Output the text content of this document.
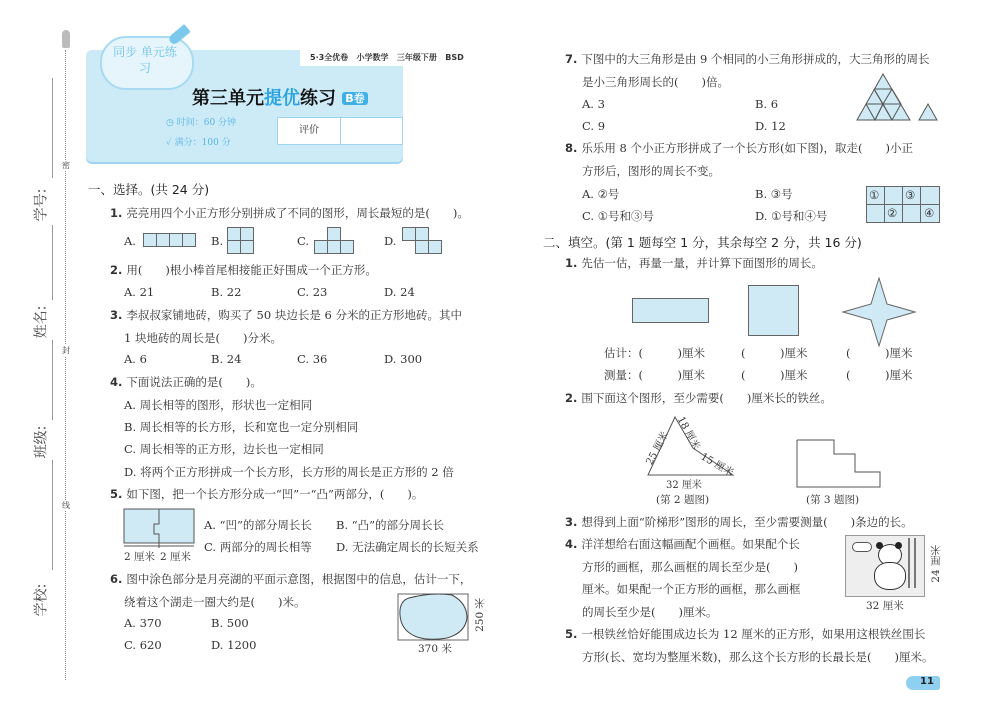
密
封
线
学号:
姓名:
班级:
学校:
同步 单元练习
5·3全优卷 小学数学 三年级下册 BSD
第三单元提优练习 B卷
◷ 时间：60 分钟
✓ 满分：100 分
评价
一、选择。(共 24 分)
1. 亮亮用四个小正方形分别拼成了不同的图形，周长最短的是(　　)。
A.	B.	C.	D.
2. 用(　　)根小棒首尾相接能正好围成一个正方形。
A. 21	B. 22	C. 23	D. 24
3. 李叔叔家铺地砖，购买了 50 块边长是 6 分米的正方形地砖。其中
1 块地砖的周长是(　　)分米。
A. 6	B. 24	C. 36	D. 300
4. 下面说法正确的是(　　)。
A. 周长相等的图形，形状也一定相同
B. 周长相等的长方形，长和宽也一定分别相同
C. 周长相等的正方形，边长也一定相同
D. 将两个正方形拼成一个长方形，长方形的周长是正方形的 2 倍
5. 如下图，把一个长方形分成一“凹”一“凸”两部分，(　　)。
2 厘米 2 厘米
A. “凹”的部分周长长 B. “凸”的部分周长长
C. 两部分的周长相等 D. 无法确定周长的长短关系
6. 图中涂色部分是月亮湖的平面示意图，根据图中的信息，估计一下，
绕着这个湖走一圈大约是(　　)米。
A. 370	B. 500
C. 620	D. 1200	370 米
250 米
7. 下图中的大三角形是由 9 个相同的小三角形拼成的，大三角形的周长
是小三角形周长的(　　)倍。
A. 3	B. 6
C. 9	D. 12
8. 乐乐用 8 个小正方形拼成了一个长方形(如下图)，取走(　　)小正
方形后，图形的周长不变。
A. ②号	B. ③号
C. ①号和③号	D. ①号和④号
① ③
② ④
二、填空。(第 1 题每空 1 分，其余每空 2 分，共 16 分)
1. 先估一估，再量一量，并计算下面图形的周长。
估计：(　　　)厘米	(　　　)厘米	(　　　)厘米
测量：(　　　)厘米	(　　　)厘米	(　　　)厘米
2. 围下面这个图形，至少需要(　　)厘米长的铁丝。
25 厘米 18 厘米
15 厘米
32 厘米
(第 2 题图)	(第 3 题图)
3. 想得到上面“阶梯形”图形的周长，至少需要测量(　　)条边的长。
4. 洋洋想给右面这幅画配个画框。如果配个长
方形的画框，那么画框的周长至少是(　　)
厘米。如果配一个正方形的画框，那么画框
的周长至少是(　　)厘米。	32 厘米
24 厘米
5. 一根铁丝恰好能围成边长为 12 厘米的正方形，如果用这根铁丝围长
方形(长、宽均为整厘米数)，那么这个长方形的长最长是(　　)厘米。
11
